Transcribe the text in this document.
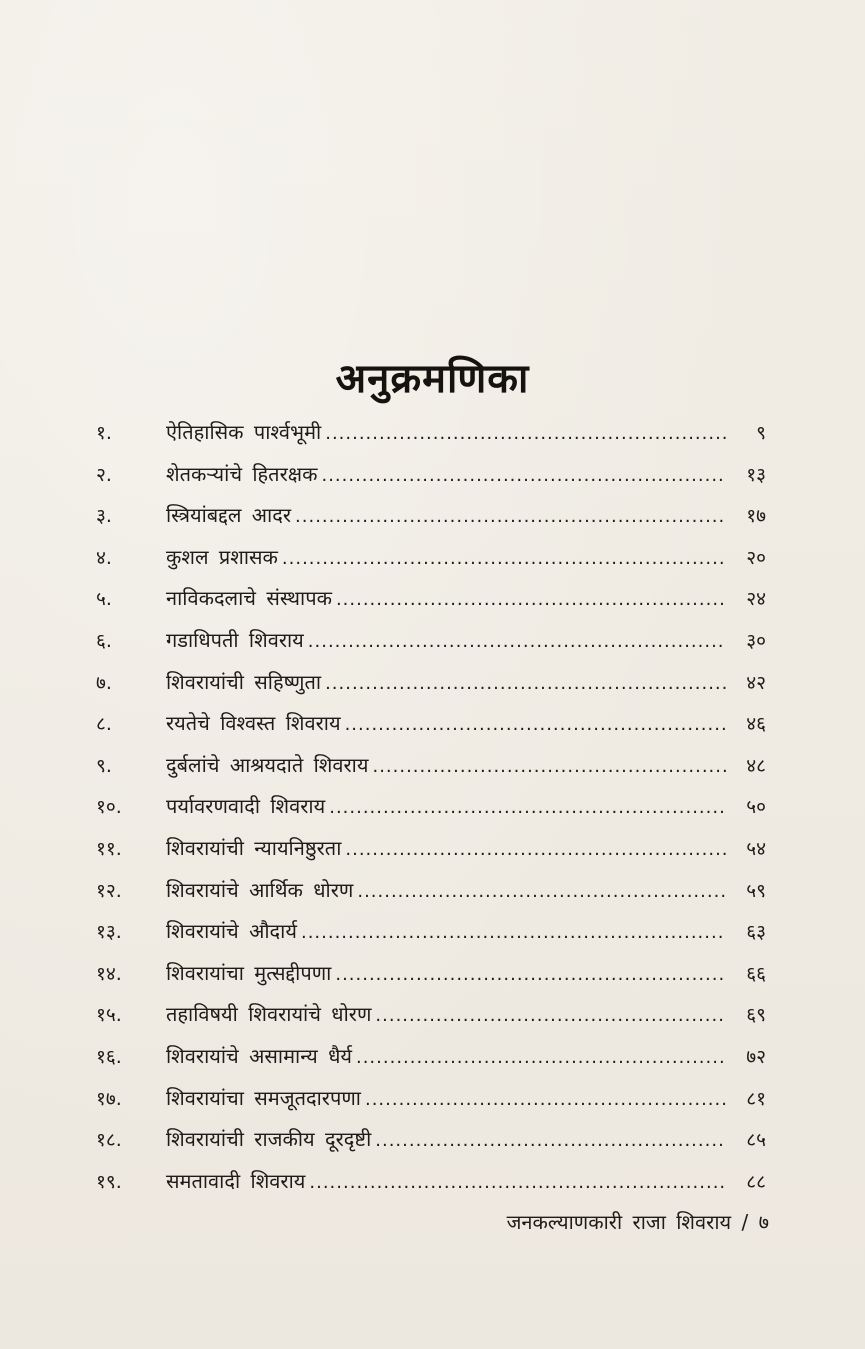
अनुक्रमणिका
१.	ऐतिहासिक पार्श्वभूमी .....	९
२.	शेतकऱ्यांचे हितरक्षक .....	१३
३.	स्त्रियांबद्दल आदर .....	१७
४.	कुशल प्रशासक .....	२०
५.	नाविकदलाचे संस्थापक .....	२४
६.	गडाधिपती शिवराय .....	३०
७.	शिवरायांची सहिष्णुता .....	४२
८.	रयतेचे विश्वस्त शिवराय .....	४६
९.	दुर्बलांचे आश्रयदाते शिवराय .....	४८
१०.	पर्यावरणवादी शिवराय .....	५०
११.	शिवरायांची न्यायनिष्ठुरता .....	५४
१२.	शिवरायांचे आर्थिक धोरण .....	५९
१३.	शिवरायांचे औदार्य .....	६३
१४.	शिवरायांचा मुत्सद्दीपणा .....	६६
१५.	तहाविषयी शिवरायांचे धोरण .....	६९
१६.	शिवरायांचे असामान्य धैर्य .....	७२
१७.	शिवरायांचा समजूतदारपणा .....	८१
१८.	शिवरायांची राजकीय दूरदृष्टी .....	८५
१९.	समतावादी शिवराय .....	८८
जनकल्याणकारी राजा शिवराय / ७
